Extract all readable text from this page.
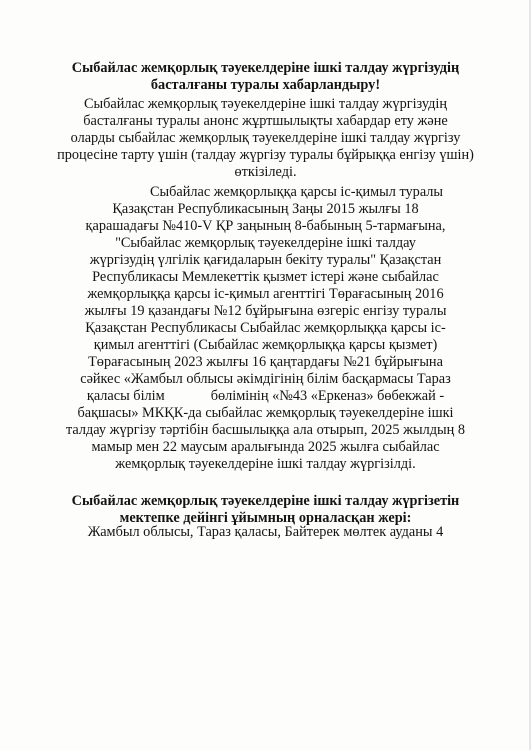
Сыбайлас жемқорлық тәуекелдеріне ішкі талдау жүргізудің
басталғаны туралы хабарландыру!
Сыбайлас жемқорлық тәуекелдеріне ішкі талдау жүргізудің
басталғаны туралы анонс жұртшылықты хабардар ету және
оларды сыбайлас жемқорлық тәуекелдеріне ішкі талдау жүргізу
процесіне тарту үшін (талдау жүргізу туралы бұйрыққа енгізу үшін)
өткізіледі.
Сыбайлас жемқорлыққа қарсы іс-қимыл туралы
Қазақстан Республикасының Заңы 2015 жылғы 18
қарашадағы №410-V ҚР заңының 8-бабының 5-тармағына,
"Сыбайлас жемқорлық тәуекелдеріне ішкі талдау
жүргізудің үлгілік қағидаларын бекіту туралы" Қазақстан
Республикасы Мемлекеттік қызмет істері және сыбайлас
жемқорлыққа қарсы іс-қимыл агенттігі Төрағасының 2016
жылғы 19 қазандағы №12 бұйрығына өзгеріс енгізу туралы
Қазақстан Республикасы Сыбайлас жемқорлыққа қарсы іс-
қимыл агенттігі (Сыбайлас жемқорлыққа қарсы қызмет)
Төрағасының 2023 жылғы 16 қаңтардағы №21 бұйрығына
сәйкес «Жамбыл облысы әкімдігінің білім басқармасы Тараз
қаласы білім	бөлімінің «№43 «Еркеназ» бөбекжай -
бақшасы» МКҚК-да сыбайлас жемқорлық тәуекелдеріне ішкі
талдау жүргізу тәртібін басшылыққа ала отырып, 2025 жылдың 8
мамыр мен 22 маусым аралығында 2025 жылға сыбайлас
жемқорлық тәуекелдеріне ішкі талдау жүргізілді.
Сыбайлас жемқорлық тәуекелдеріне ішкі талдау жүргізетін
мектепке дейінгі ұйымның орналасқан жері:
Жамбыл облысы, Тараз қаласы, Байтерек мөлтек ауданы 4
